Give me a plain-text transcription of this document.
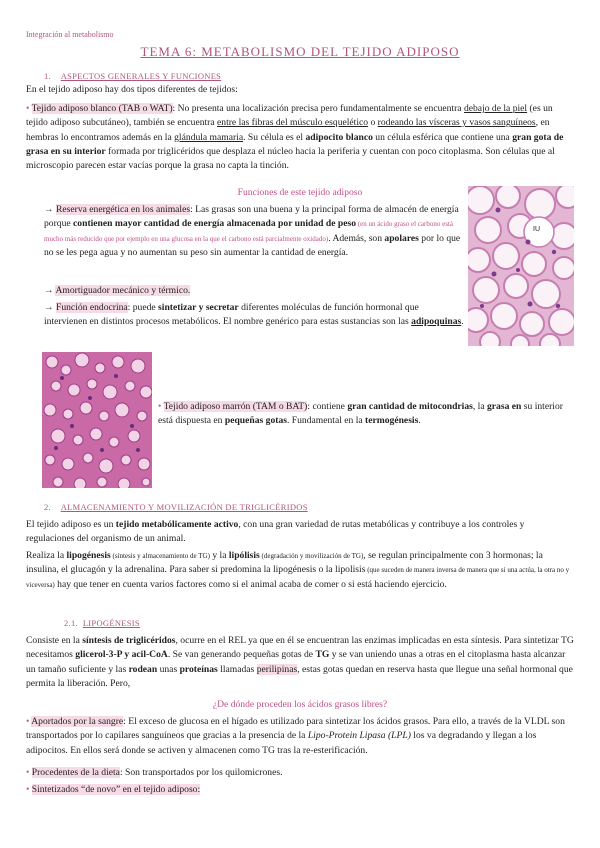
Integración al metabolismo
TEMA 6: METABOLISMO DEL TEJIDO ADIPOSO
1. ASPECTOS GENERALES Y FUNCIONES
En el tejido adiposo hay dos tipos diferentes de tejidos:
• Tejido adiposo blanco (TAB o WAT): No presenta una localización precisa pero fundamentalmente se encuentra debajo de la piel (es un tejido adiposo subcutáneo), también se encuentra entre las fibras del músculo esquelético o rodeando las vísceras y vasos sanguíneos, en hembras lo encontramos además en la glándula mamaria. Su célula es el adipocito blanco un célula esférica que contiene una gran gota de grasa en su interior formada por triglicéridos que desplaza el núcleo hacia la periferia y cuentan con poco citoplasma. Son células que al microscopio parecen estar vacías porque la grasa no capta la tinción.
Funciones de este tejido adiposo
→ Reserva energética en los animales: Las grasas son una buena y la principal forma de almacén de energía porque contienen mayor cantidad de energía almacenada por unidad de peso (en un ácido graso el carbono está mucho más reducido que por ejemplo en una glucosa en la que el carbono está parcialmente oxidado). Además, son apolares por lo que no se les pega agua y no aumentan su peso sin aumentar la cantidad de energía.
→ Amortiguador mecánico y térmico.
→ Función endocrina: puede sintetizar y secretar diferentes moléculas de función hormonal que intervienen en distintos procesos metabólicos. El nombre genérico para estas sustancias son las adipoquinas.
IU
• Tejido adiposo marrón (TAM o BAT): contiene gran cantidad de mitocondrias, la grasa en su interior está dispuesta en pequeñas gotas. Fundamental en la termogénesis.
2. ALMACENAMIENTO Y MOVILIZACIÓN DE TRIGLICÉRIDOS
El tejido adiposo es un tejido metabólicamente activo, con una gran variedad de rutas metabólicas y contribuye a los controles y regulaciones del organismo de un animal.
Realiza la lipogénesis (síntesis y almacenamiento de TG) y la lipólisis (degradación y movilización de TG), se regulan principalmente con 3 hormonas; la insulina, el glucagón y la adrenalina. Para saber si predomina la lipogénesis o la lipolisis (que suceden de manera inversa de manera que si una actúa, la otra no y viceversa) hay que tener en cuenta varios factores como si el animal acaba de comer o si está haciendo ejercicio.
2.1. LIPOGÉNESIS
Consiste en la síntesis de triglicéridos, ocurre en el REL ya que en él se encuentran las enzimas implicadas en esta síntesis. Para sintetizar TG necesitamos glicerol-3-P y acil-CoA. Se van generando pequeñas gotas de TG y se van uniendo unas a otras en el citoplasma hasta alcanzar un tamaño suficiente y las rodean unas proteínas llamadas perilipinas, estas gotas quedan en reserva hasta que llegue una señal hormonal que permita la liberación. Pero,
¿De dónde proceden los ácidos grasos libres?
• Aportados por la sangre: El exceso de glucosa en el hígado es utilizado para sintetizar los ácidos grasos. Para ello, a través de la VLDL son transportados por lo capilares sanguíneos que gracias a la presencia de la Lipo-Protein Lipasa (LPL) los va degradando y llegan a los adipocitos. En ellos será donde se activen y almacenen como TG tras la re-esterificación.
• Procedentes de la dieta: Son transportados por los quilomicrones.
• Sintetizados “de novo” en el tejido adiposo:
